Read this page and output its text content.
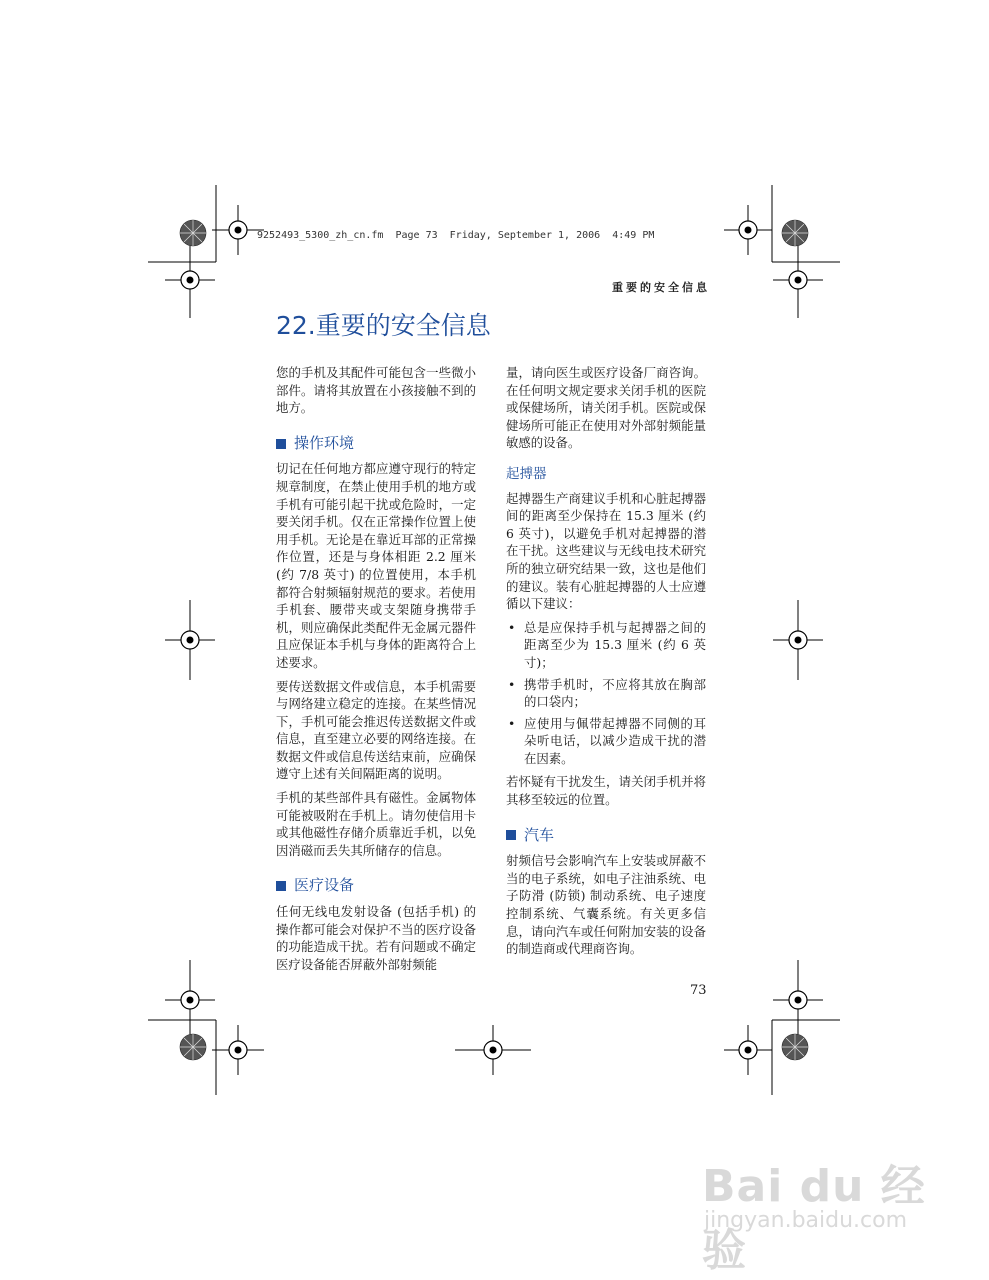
9252493_5300_zh_cn.fm  Page 73  Friday, September 1, 2006  4:49 PM
重要的安全信息
22.重要的安全信息

您的手机及其配件可能包含一些微小部件。请将其放置在小孩接触不到的地方。

操作环境

切记在任何地方都应遵守现行的特定规章制度，在禁止使用手机的地方或手机有可能引起干扰或危险时，一定要关闭手机。仅在正常操作位置上使用手机。无论是在靠近耳部的正常操作位置，还是与身体相距 2.2 厘米 (约 7/8 英寸) 的位置使用，本手机都符合射频辐射规范的要求。若使用手机套、腰带夹或支架随身携带手机，则应确保此类配件无金属元器件且应保证本手机与身体的距离符合上述要求。

要传送数据文件或信息，本手机需要与网络建立稳定的连接。在某些情况下，手机可能会推迟传送数据文件或信息，直至建立必要的网络连接。在数据文件或信息传送结束前，应确保遵守上述有关间隔距离的说明。

手机的某些部件具有磁性。金属物体可能被吸附在手机上。请勿使信用卡或其他磁性存储介质靠近手机，以免因消磁而丢失其所储存的信息。

医疗设备

任何无线电发射设备 (包括手机) 的操作都可能会对保护不当的医疗设备的功能造成干扰。若有问题或不确定医疗设备能否屏蔽外部射频能

量，请向医生或医疗设备厂商咨询。在任何明文规定要求关闭手机的医院或保健场所，请关闭手机。医院或保健场所可能正在使用对外部射频能量敏感的设备。

起搏器

起搏器生产商建议手机和心脏起搏器间的距离至少保持在 15.3 厘米 (约 6 英寸)，以避免手机对起搏器的潜在干扰。这些建议与无线电技术研究所的独立研究结果一致，这也是他们的建议。装有心脏起搏器的人士应遵循以下建议：

• 总是应保持手机与起搏器之间的距离至少为 15.3 厘米 (约 6 英寸)；
• 携带手机时，不应将其放在胸部的口袋内；
• 应使用与佩带起搏器不同侧的耳朵听电话，以减少造成干扰的潜在因素。

若怀疑有干扰发生，请关闭手机并将其移至较远的位置。

汽车

射频信号会影响汽车上安装或屏蔽不当的电子系统，如电子注油系统、电子防滑 (防锁) 制动系统、电子速度控制系统、气囊系统。有关更多信息，请向汽车或任何附加安装的设备的制造商或代理商咨询。

73
Bai du 经验
jingyan.baidu.com
